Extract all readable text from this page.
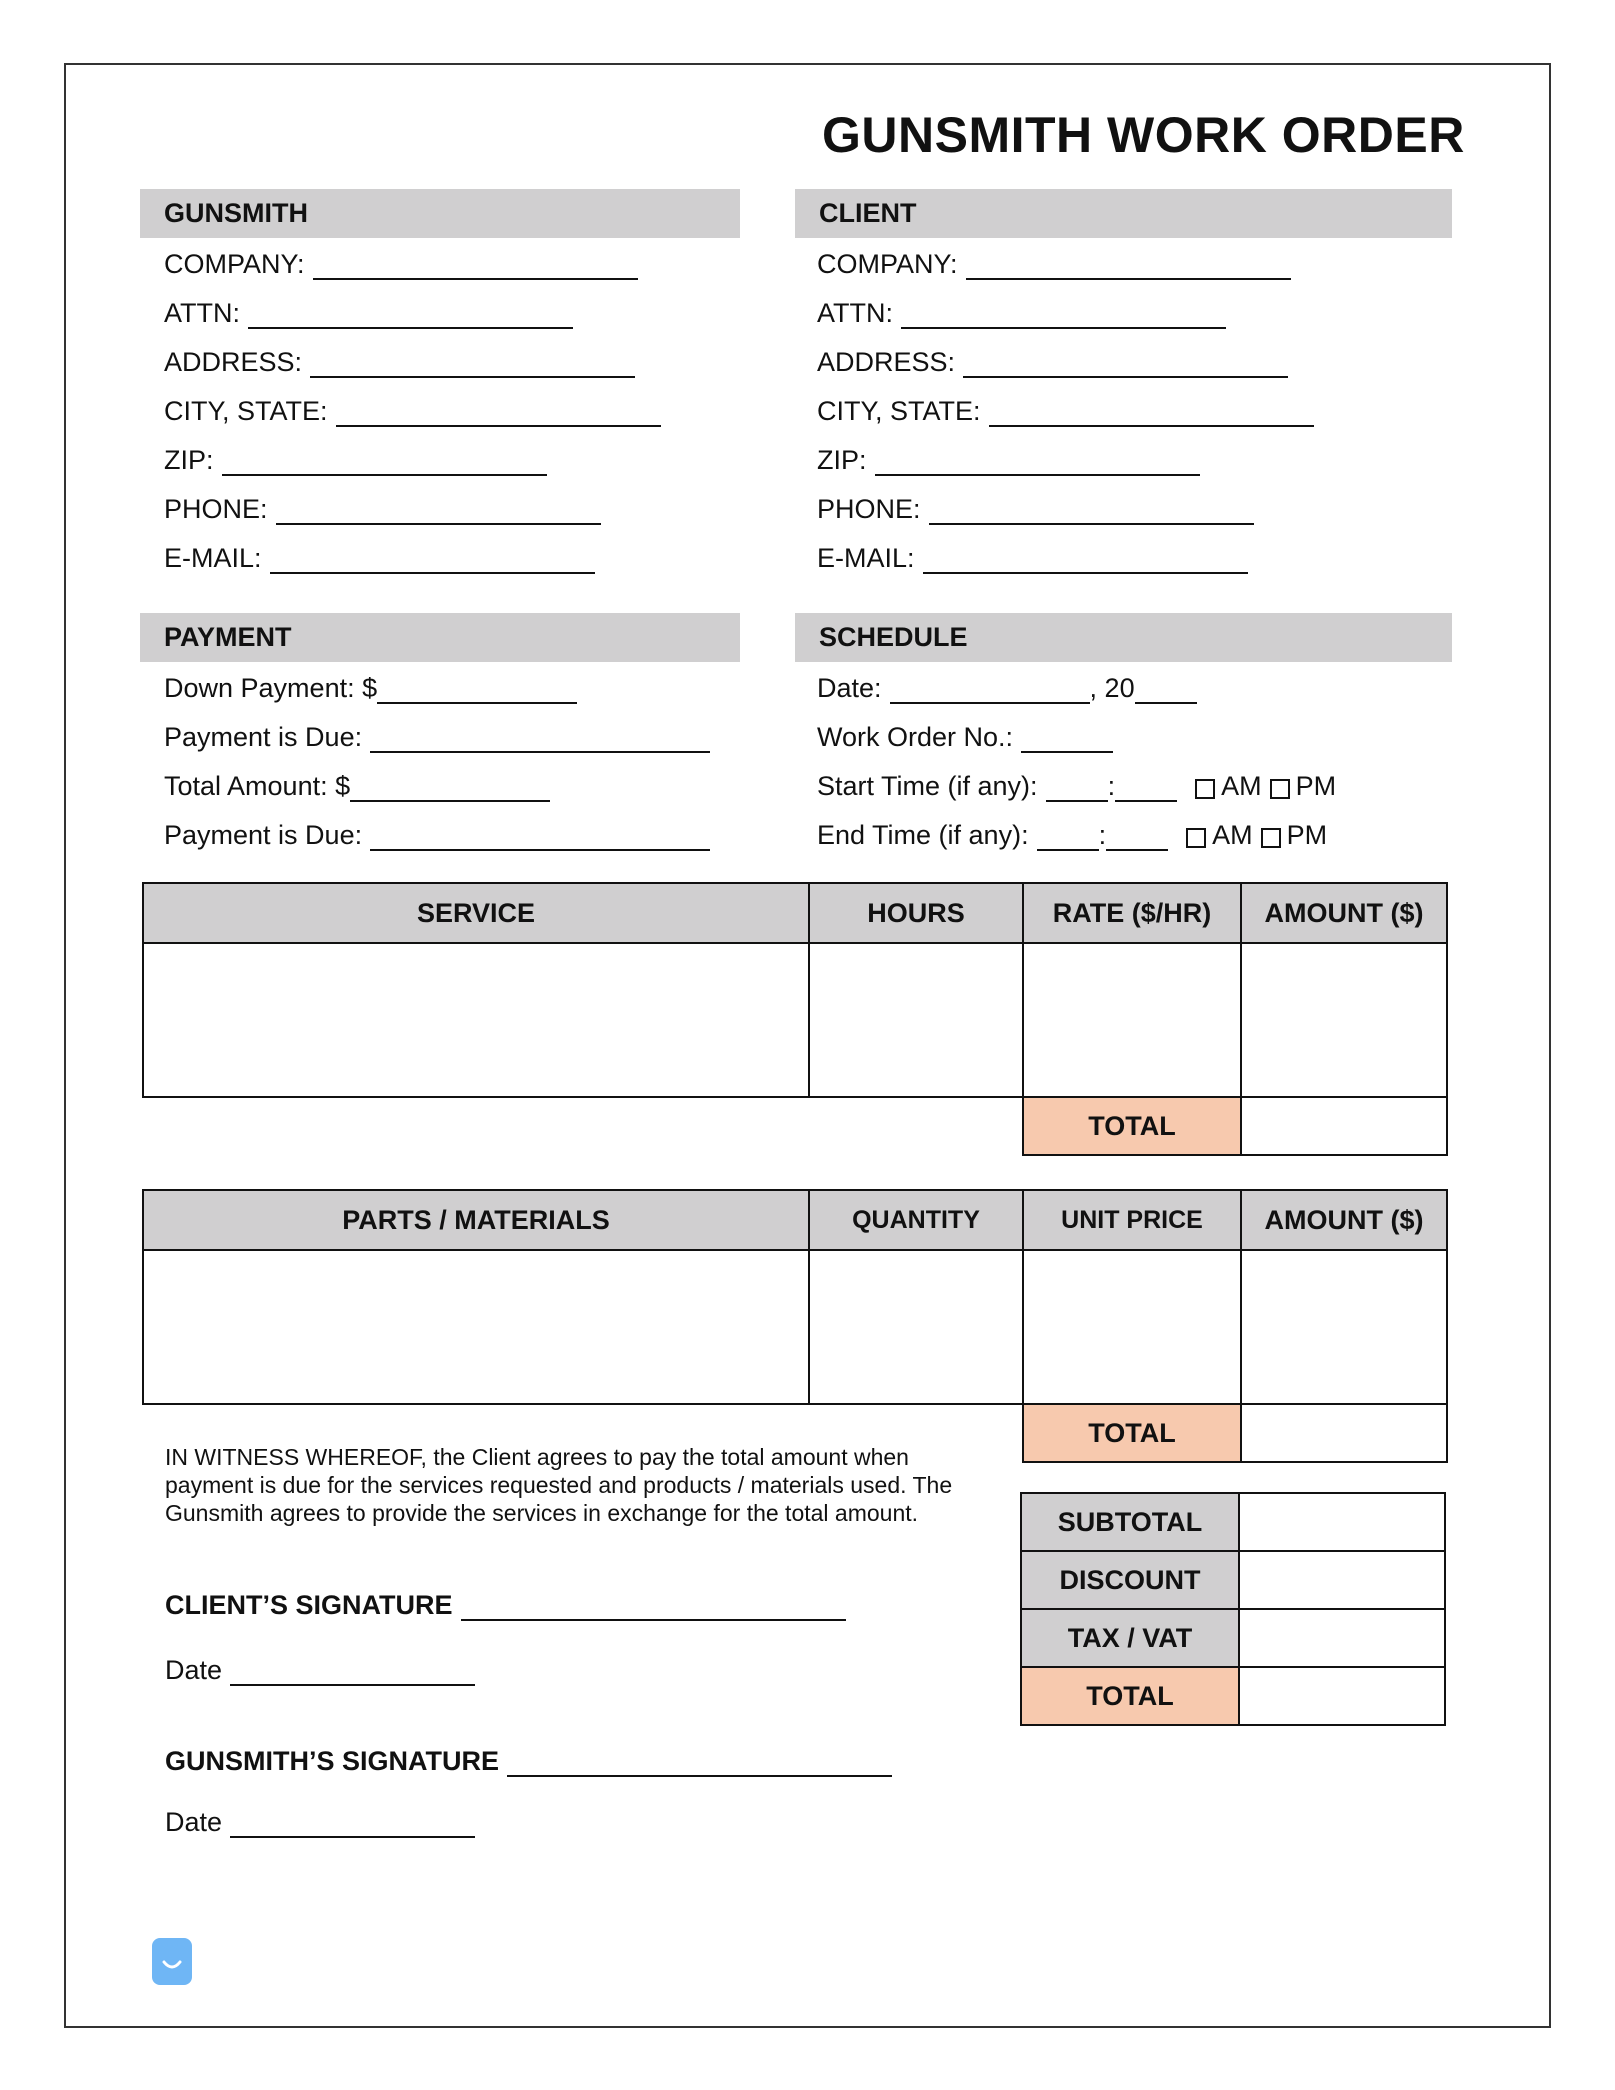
GUNSMITH WORK ORDER
GUNSMITH
COMPANY:
ATTN:
ADDRESS:
CITY, STATE:
ZIP:
PHONE:
E-MAIL:
CLIENT
COMPANY:
ATTN:
ADDRESS:
CITY, STATE:
ZIP:
PHONE:
E-MAIL:
PAYMENT
Down Payment: $
Payment is Due:
Total Amount: $
Payment is Due:
SCHEDULE
Date:	, 20
Work Order No.:
Start Time (if any):	:	AM PM
End Time (if any):	:	AM PM
SERVICE	HOURS	RATE ($/HR)	AMOUNT ($)

		TOTAL	
PARTS / MATERIALS	QUANTITY	UNIT PRICE	AMOUNT ($)

		TOTAL	
SUBTOTAL	
DISCOUNT	
TAX / VAT	
TOTAL	
IN WITNESS WHEREOF, the Client agrees to pay the total amount when payment is due for the services requested and products / materials used. The Gunsmith agrees to provide the services in exchange for the total amount.
CLIENT’S SIGNATURE
Date
GUNSMITH’S SIGNATURE
Date
